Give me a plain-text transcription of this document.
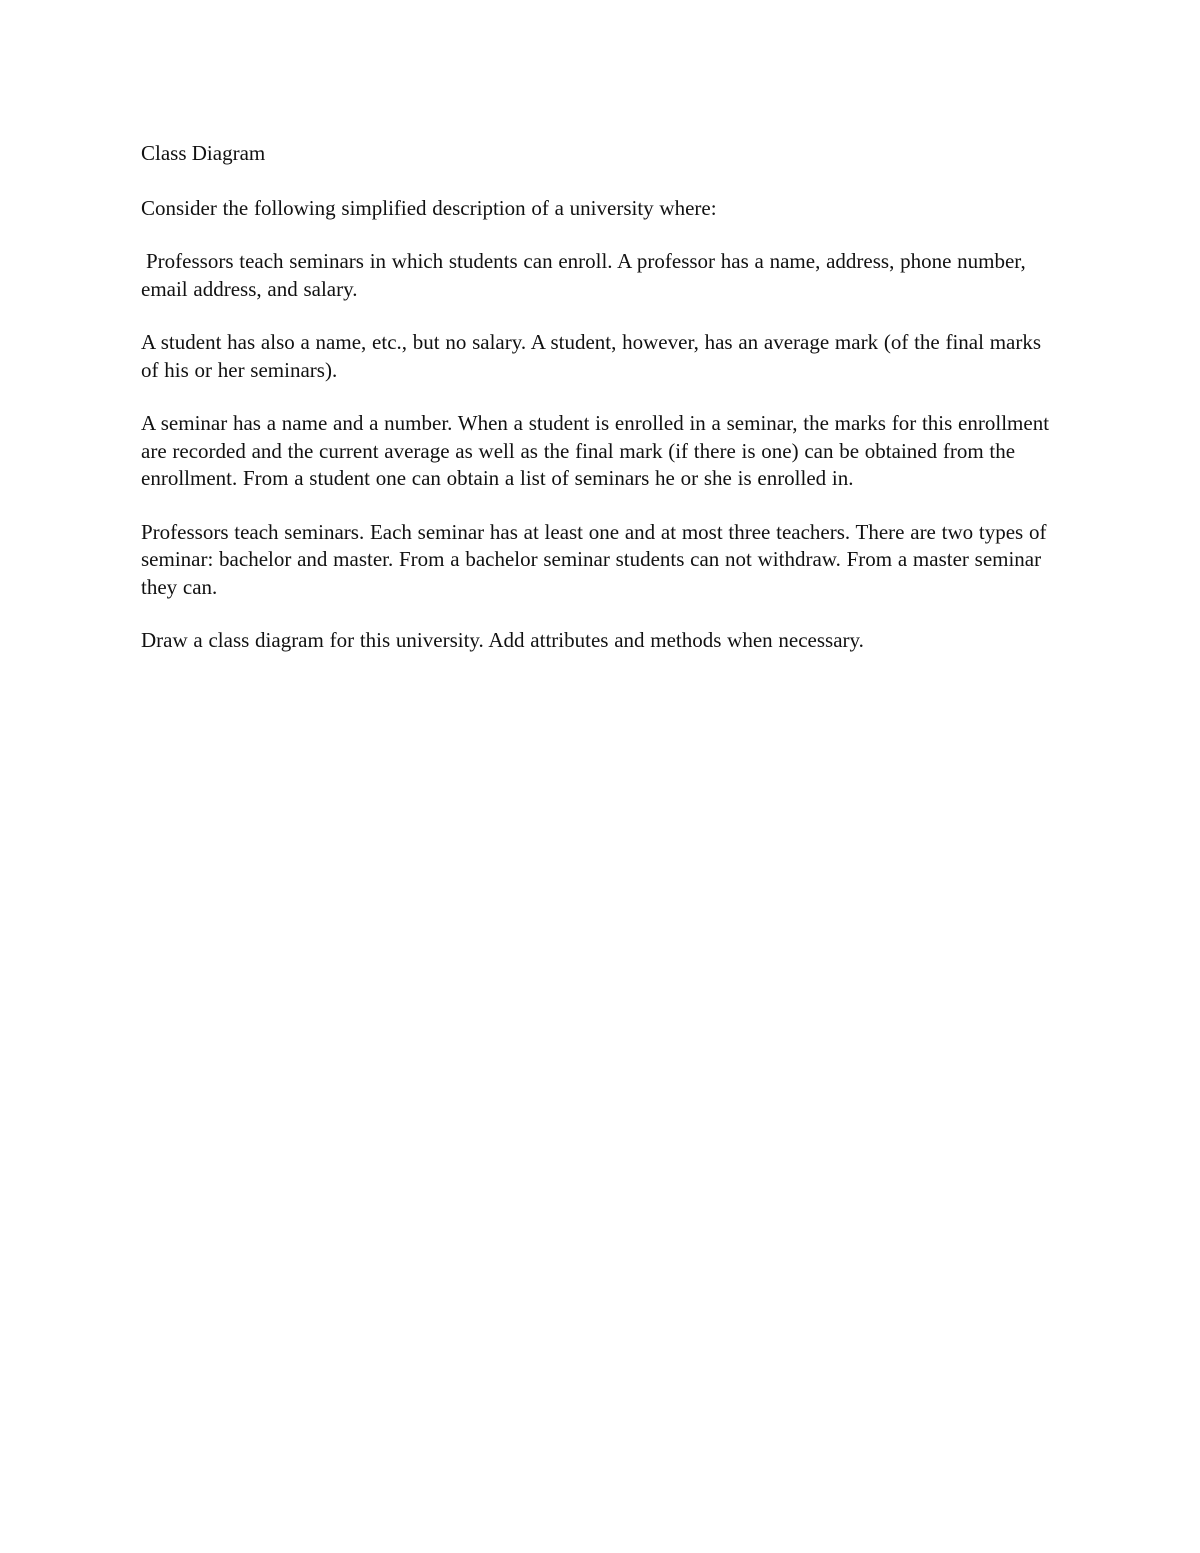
Class Diagram

Consider the following simplified description of a university where:

Professors teach seminars in which students can enroll. A professor has a name, address, phone number, email address, and salary.

A student has also a name, etc., but no salary. A student, however, has an average mark (of the final marks of his or her seminars).

A seminar has a name and a number. When a student is enrolled in a seminar, the marks for this enrollment are recorded and the current average as well as the final mark (if there is one) can be obtained from the enrollment. From a student one can obtain a list of seminars he or she is enrolled in.

Professors teach seminars. Each seminar has at least one and at most three teachers. There are two types of seminar: bachelor and master. From a bachelor seminar students can not withdraw. From a master seminar they can.

Draw a class diagram for this university. Add attributes and methods when necessary.
